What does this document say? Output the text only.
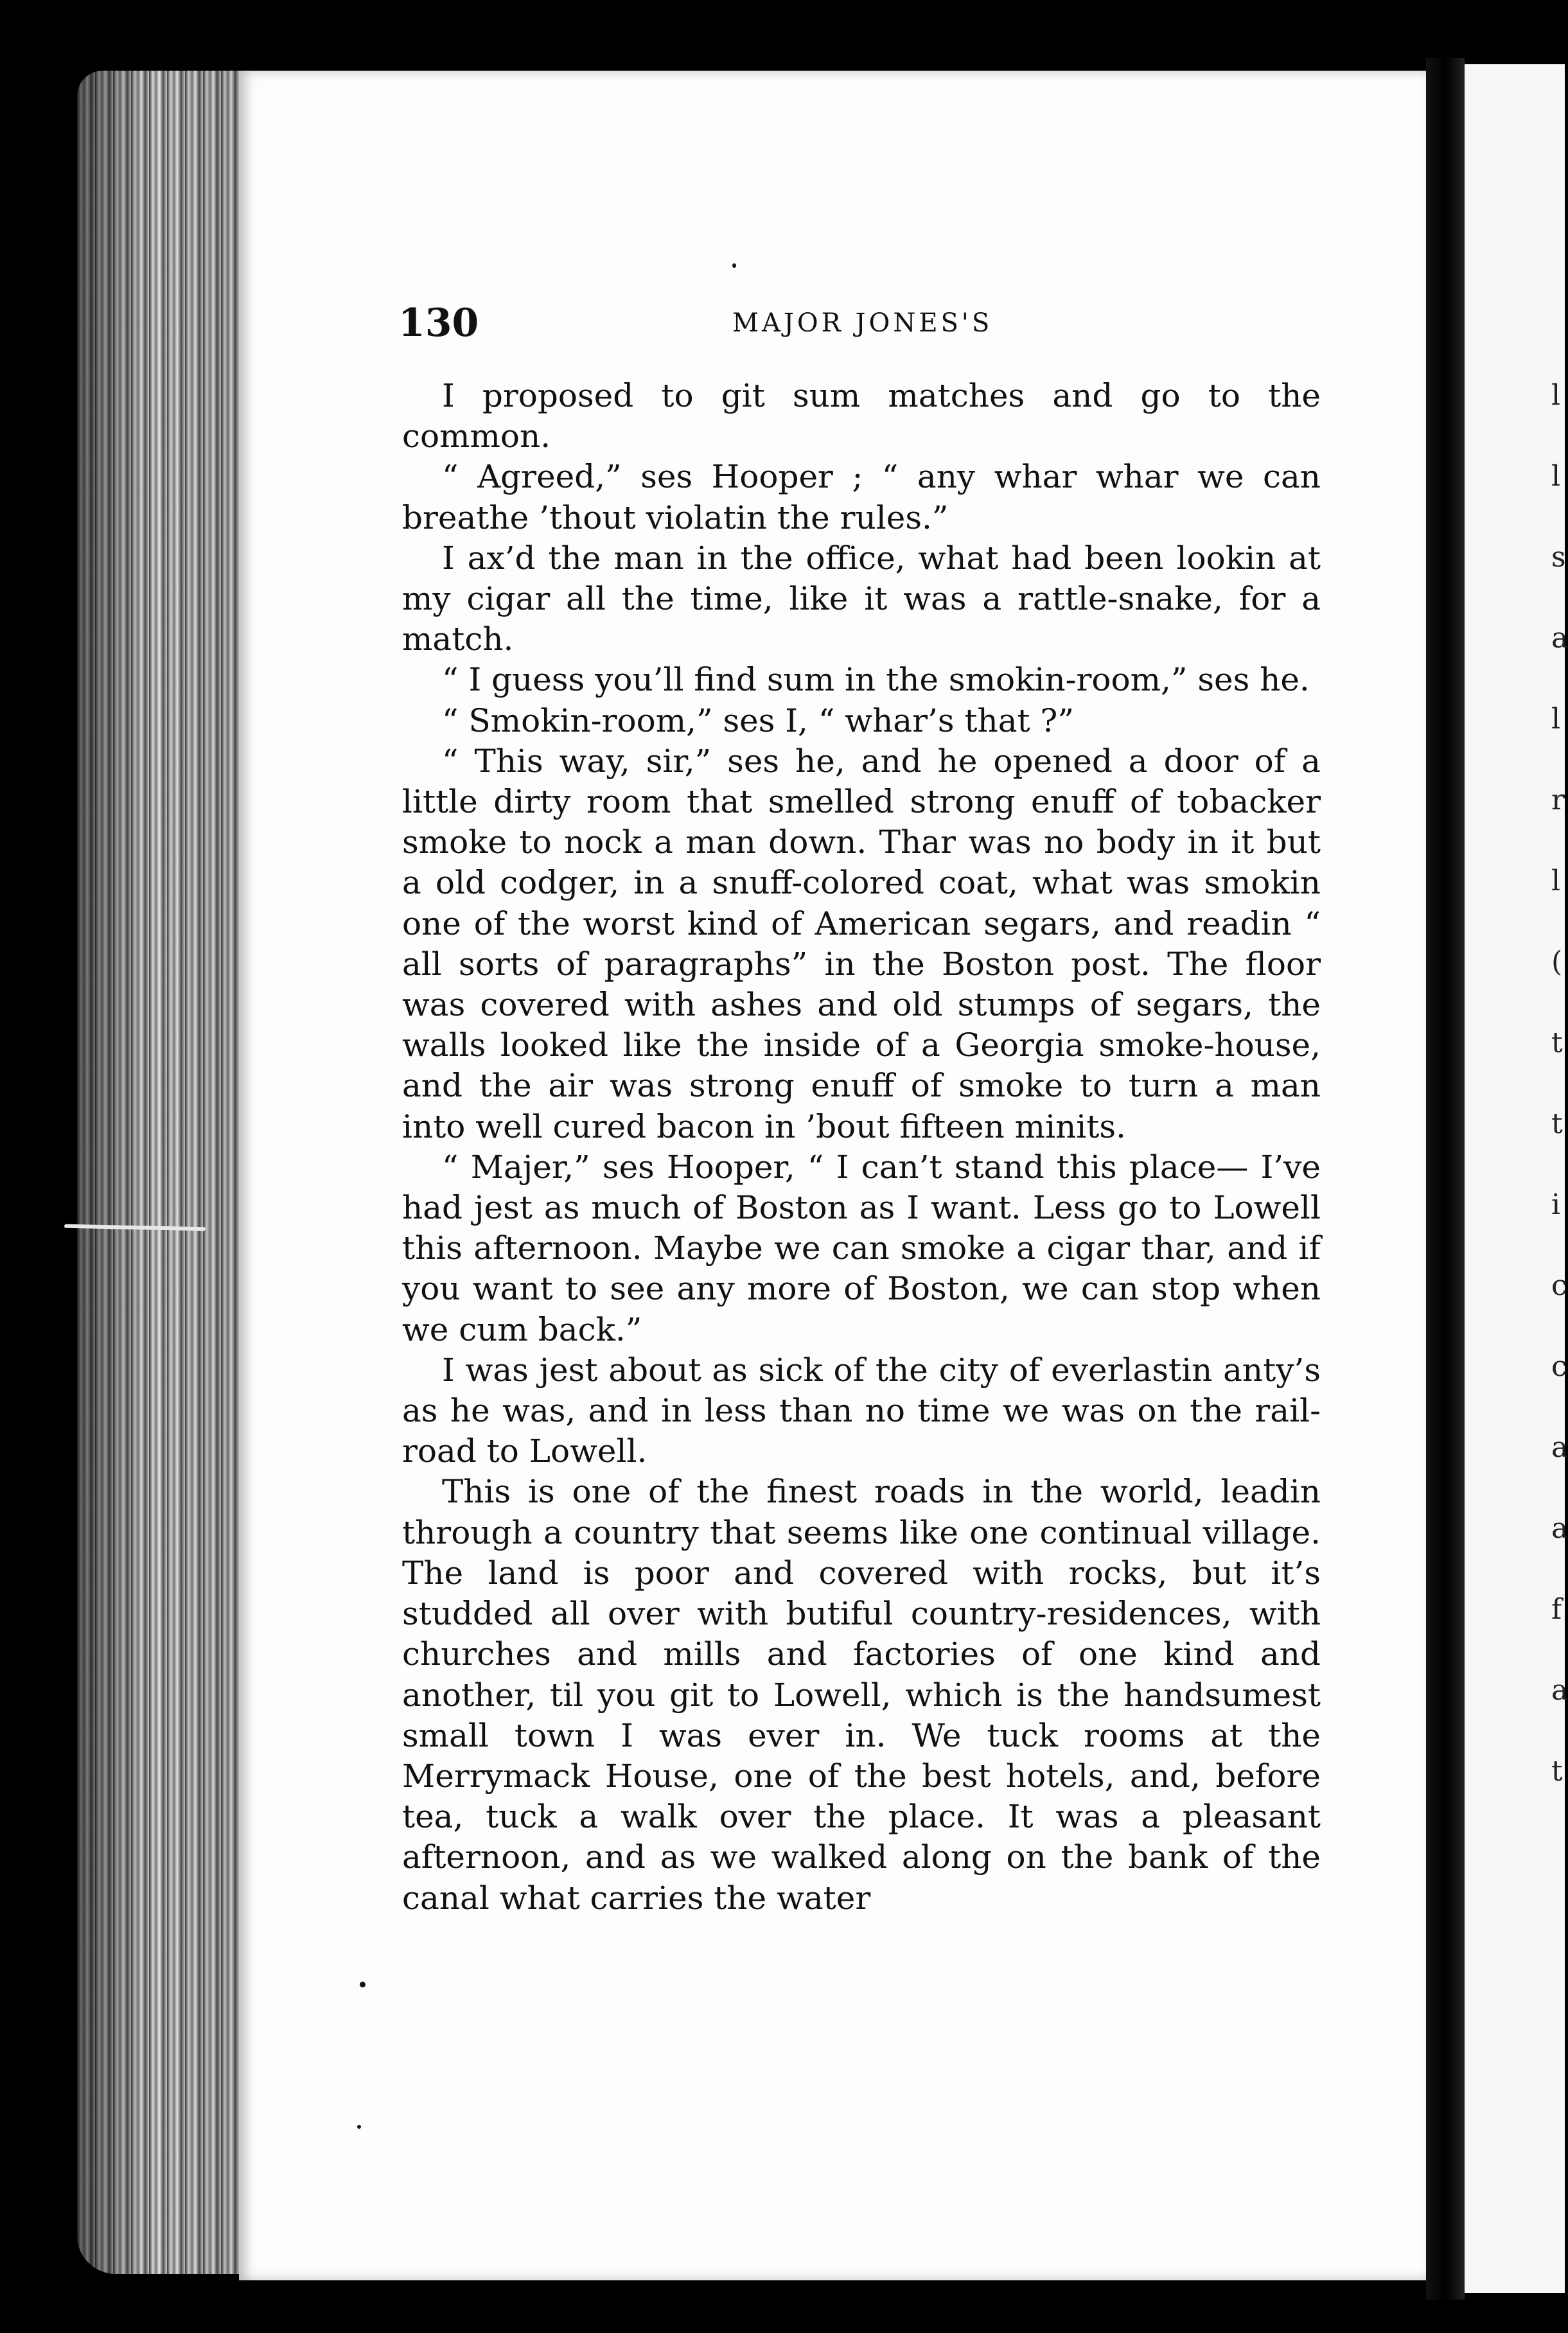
l
l
s
a
l
r
l
(
t
t
i
c
c
a
a
f
a
t
130	MAJOR JONES'S

I proposed to git sum matches and go to the common.

“ Agreed,” ses Hooper ; “ any whar whar we can breathe ’thout violatin the rules.”

I ax’d the man in the office, what had been lookin at my cigar all the time, like it was a rattle-snake, for a match.

“ I guess you’ll find sum in the smokin-room,” ses he.

“ Smokin-room,” ses I, “ whar’s that ?”

“ This way, sir,” ses he, and he opened a door of a little dirty room that smelled strong enuff of tobacker smoke to nock a man down. Thar was no body in it but a old codger, in a snuff-colored coat, what was smokin one of the worst kind of American segars, and readin “ all sorts of paragraphs” in the Boston post. The floor was covered with ashes and old stumps of segars, the walls looked like the inside of a Georgia smoke-house, and the air was strong enuff of smoke to turn a man into well cured bacon in ’bout fifteen minits.

“ Majer,” ses Hooper, “ I can’t stand this place— I’ve had jest as much of Boston as I want. Less go to Lowell this afternoon. Maybe we can smoke a cigar thar, and if you want to see any more of Boston, we can stop when we cum back.”

I was jest about as sick of the city of everlastin anty’s as he was, and in less than no time we was on the rail-road to Lowell.

This is one of the finest roads in the world, leadin through a country that seems like one continual village. The land is poor and covered with rocks, but it’s studded all over with butiful country-residences, with churches and mills and factories of one kind and another, til you git to Lowell, which is the handsumest small town I was ever in. We tuck rooms at the Merrymack House, one of the best hotels, and, before tea, tuck a walk over the place. It was a pleasant afternoon, and as we walked along on the bank of the canal what carries the water
